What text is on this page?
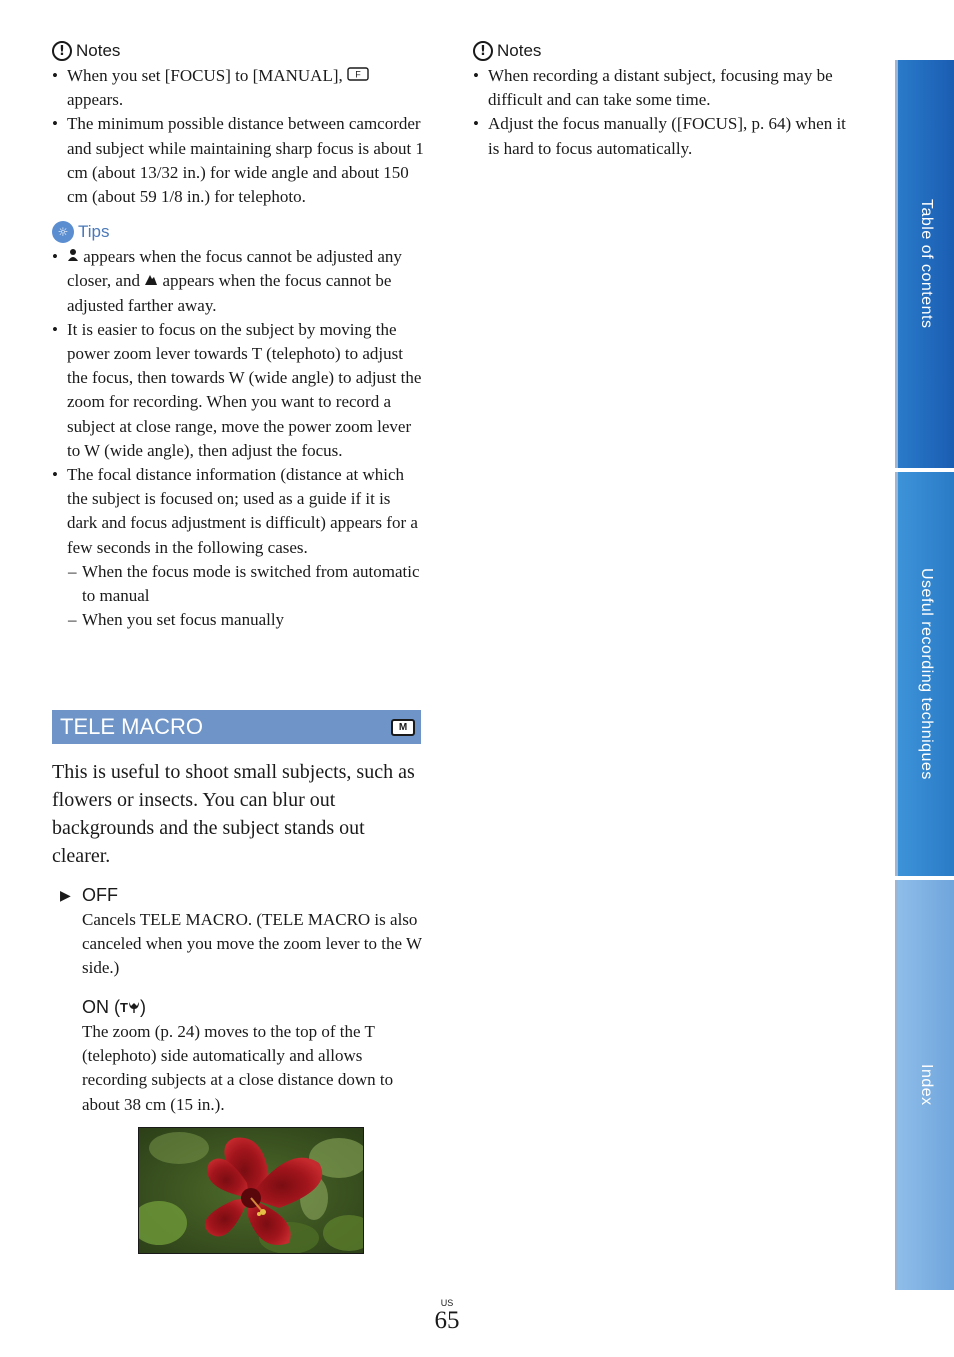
! Notes
• When you set [FOCUS] to [MANUAL], F

appears.
• The minimum possible distance between camcorder and subject while maintaining sharp focus is about 1 cm (about 13/32 in.) for wide angle and about 150 cm (about 59 1/8 in.) for telephoto.
☼ Tips
• appears when the focus cannot be adjusted any closer, and appears when the focus cannot be adjusted farther away.
• It is easier to focus on the subject by moving the power zoom lever towards T (telephoto) to adjust the focus, then towards W (wide angle) to adjust the zoom for recording. When you want to record a subject at close range, move the power zoom lever to W (wide angle), then adjust the focus.
• The focal distance information (distance at which the subject is focused on; used as a guide if it is dark and focus adjustment is difficult) appears for a few seconds in the following cases.
– When the focus mode is switched from automatic to manual
– When you set focus manually
TELE MACRO	M
This is useful to shoot small subjects, such as flowers or insects. You can blur out backgrounds and the subject stands out clearer.
▶ OFF
Cancels TELE MACRO. (TELE MACRO is also canceled when you move the zoom lever to the W side.)
ON ( T )
The zoom (p. 24) moves to the top of the T (telephoto) side automatically and allows recording subjects at a close distance down to about 38 cm (15 in.).
! Notes
• When recording a distant subject, focusing may be difficult and can take some time.
• Adjust the focus manually ([FOCUS], p. 64) when it is hard to focus automatically.
US
65
Table of contents
Useful recording techniques
Index
